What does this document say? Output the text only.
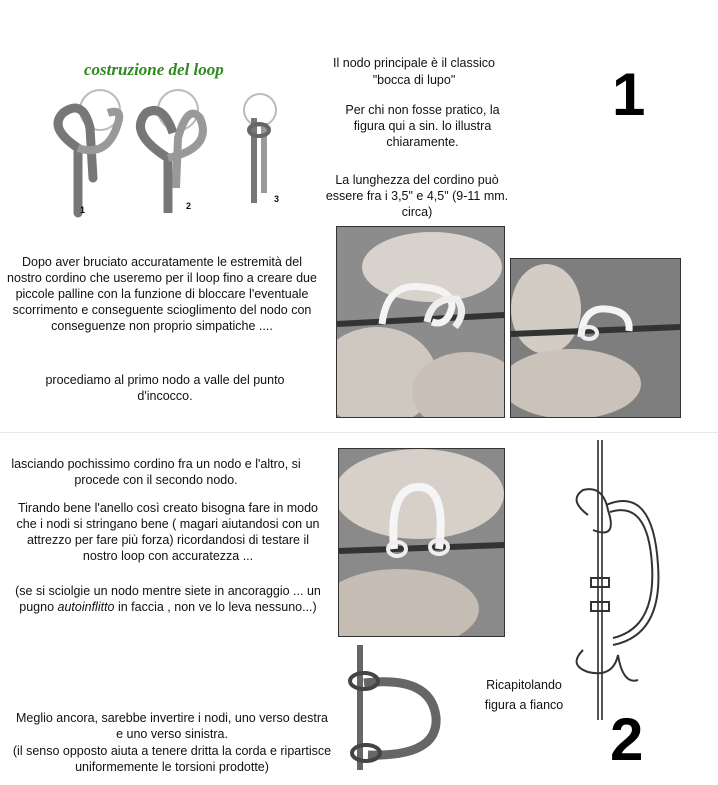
costruzione del loop
1	2
3
Il nodo principale è il classico
"bocca di lupo"
Per chi non fosse pratico, la figura qui a sin. lo illustra chiaramente.
La lunghezza del cordino può essere fra i 3,5" e 4,5" (9-11 mm. circa)
1
Dopo aver bruciato accuratamente le estremità del nostro cordino che useremo per il loop fino a creare due piccole palline con la funzione di bloccare l'eventuale scorrimento e conseguente scioglimento del nodo con conseguenze non proprio simpatiche ....
procediamo al primo nodo a valle del punto d'incocco.
lasciando pochissimo cordino fra un nodo e l'altro, si procede con il secondo nodo.
Tirando bene l'anello così creato bisogna fare in modo che i nodi si stringano bene ( magari aiutandosi con un attrezzo per fare più forza) ricordandosi di testare il nostro loop con accuratezza ...
(se si sciolgie un nodo mentre siete in ancoraggio ... un pugno autoinflitto in faccia , non ve lo leva nessuno...)
Ricapitolando
figura a fianco
Meglio ancora, sarebbe invertire i nodi, uno verso destra e uno verso sinistra.
(il senso opposto aiuta a tenere dritta la corda e ripartisce uniformemente le torsioni prodotte)	2
